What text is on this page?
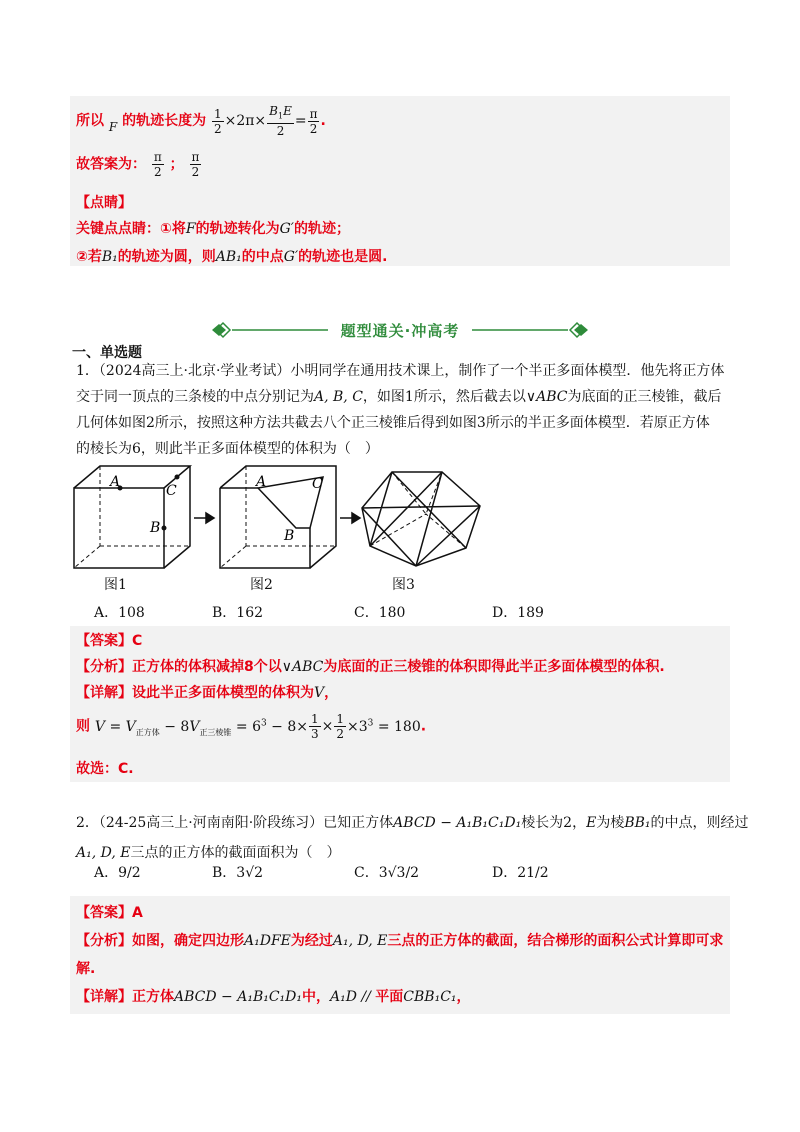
所以 F 的轨迹长度为 $\frac{1}{2} \times 2\pi\times \frac{B_1E}{2} = \frac{\pi}{2}$ .
故答案为： $\frac{\pi}{2}$ ； $\frac{\pi}{2}$
【点睛】
关键点点睛：①将F的轨迹转化为G′的轨迹；
②若B₁的轨迹为圆，则AB₁的中点G′的轨迹也是圆.
题型通关·冲高考
一、单选题
1．（2024高三上·北京·学业考试）小明同学在通用技术课上，制作了一个半正多面体模型．他先将正方体
交于同一顶点的三条棱的中点分别记为A, B, C，如图1所示，然后截去以∨ABC为底面的正三棱锥，截后
几何体如图2所示，按照这种方法共截去八个正三棱锥后得到如图3所示的半正多面体模型．若原正方体
的棱长为6，则此半正多面体模型的体积为（　）
A
C
B
A	C
B
图1	图2	图3
A．108	B．162	C．180	D．189
【答案】C
【分析】正方体的体积减掉8个以∨ABC为底面的正三棱锥的体积即得此半正多面体模型的体积.
【详解】设此半正多面体模型的体积为V，
则 $V = V_{正方体} - 8V_{正三棱锥} = 6^3 - 8\times \frac{1}{3} \times \frac{1}{2} \times 3^3 = 180$.
故选：C.
2．（24-25高三上·河南南阳·阶段练习）已知正方体ABCD − A₁B₁C₁D₁棱长为2，E为棱BB₁的中点，则经过
A₁, D, E三点的正方体的截面面积为（　）
A．9/2	B．3√2	C．3√3/2	D．21/2
【答案】A
【分析】如图，确定四边形A₁DFE为经过A₁, D, E三点的正方体的截面，结合梯形的面积公式计算即可求
解.
【详解】正方体ABCD − A₁B₁C₁D₁中，A₁D // 平面CBB₁C₁，
